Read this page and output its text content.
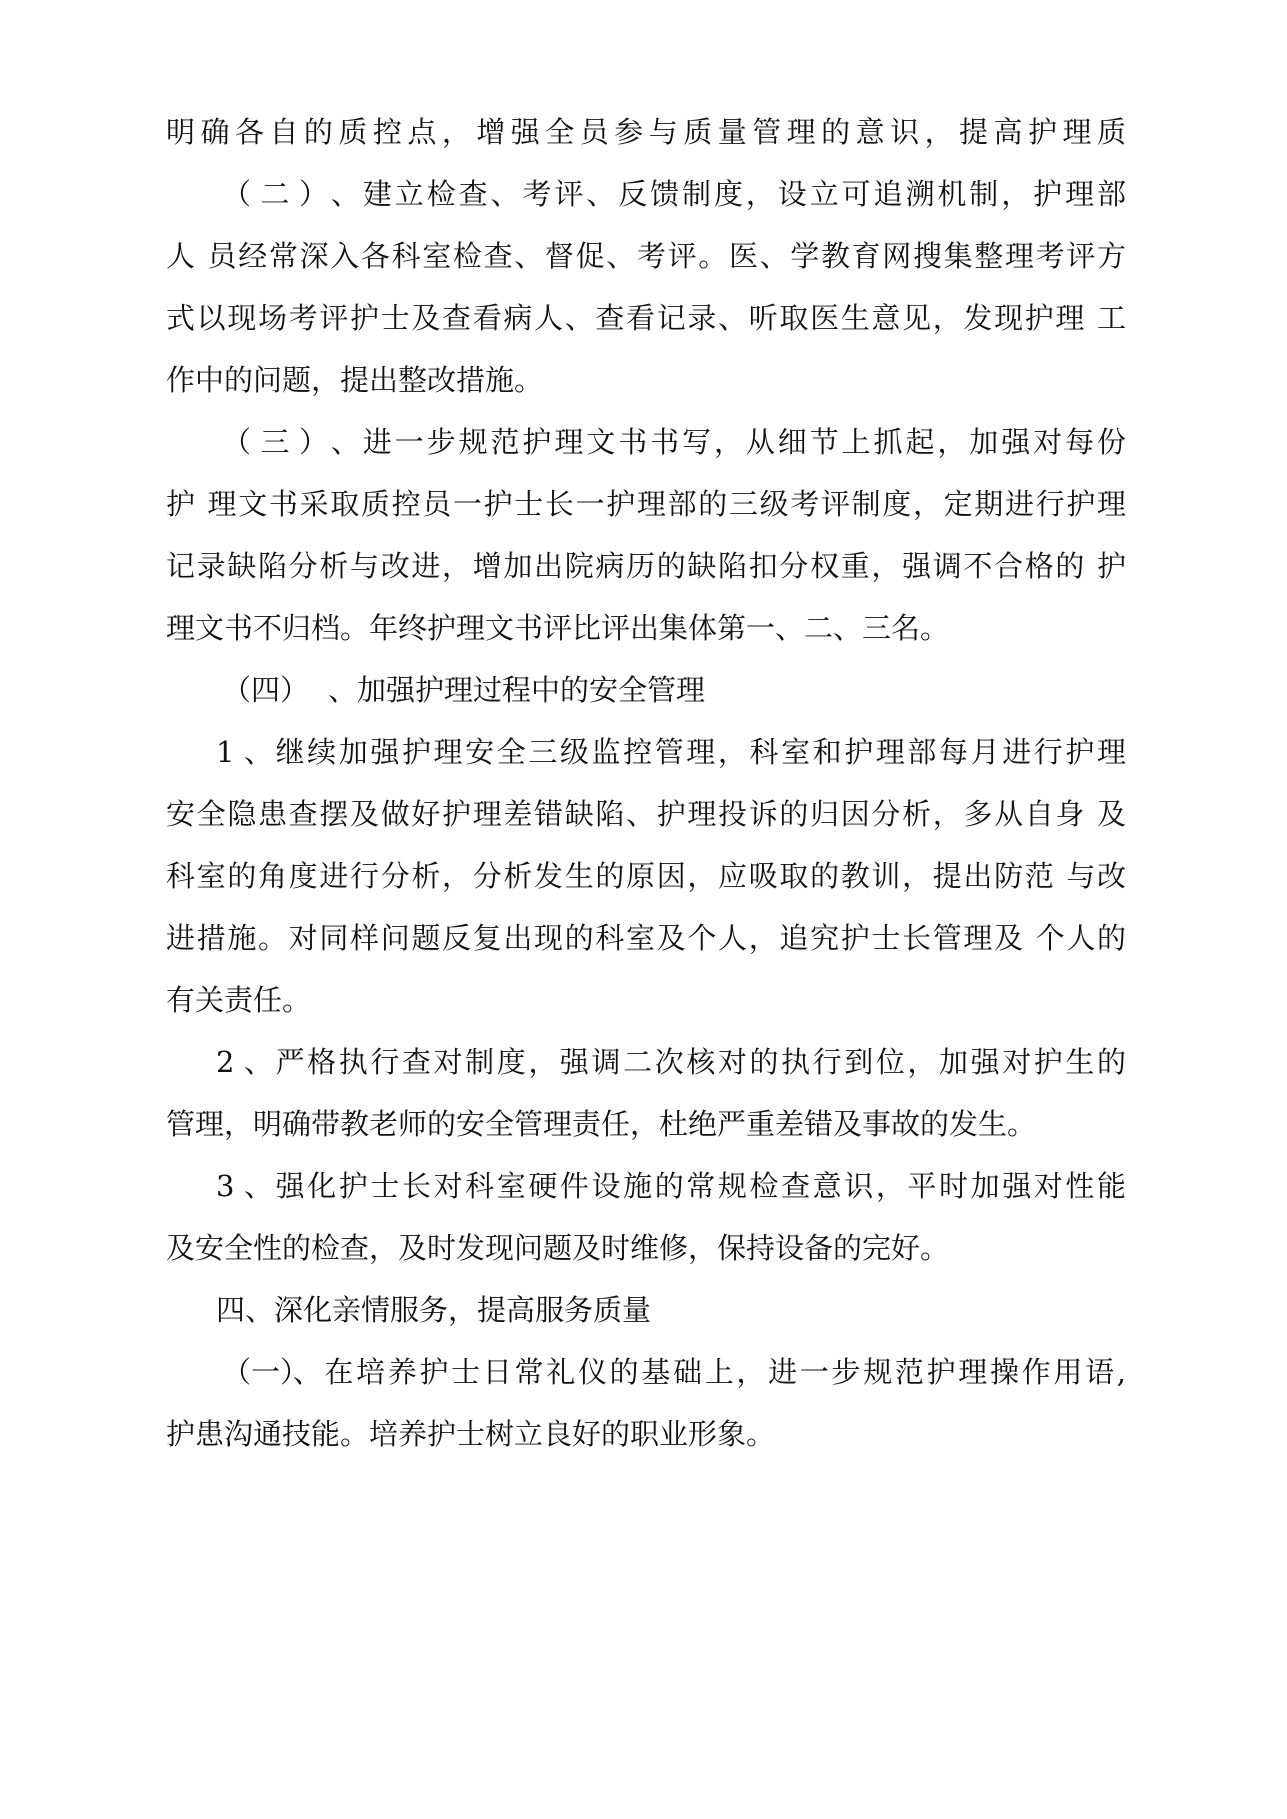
明确各自的质控点，增强全员参与质量管理的意识，提高护理质

（二）、建立检查、考评、反馈制度，设立可追溯机制，护理部

人 员经常深入各科室检查、督促、考评。医、学教育网搜集整理考评方

式以现场考评护士及查看病人、查看记录、听取医生意见，发现护理 工

作中的问题，提出整改措施。

（三）、进一步规范护理文书书写，从细节上抓起，加强对每份

护 理文书采取质控员一护士长一护理部的三级考评制度，定期进行护理

记录缺陷分析与改进，增加出院病历的缺陷扣分权重，强调不合格的 护

理文书不归档。年终护理文书评比评出集体第一、二、三名。

（四） 、加强护理过程中的安全管理

1、继续加强护理安全三级监控管理，科室和护理部每月进行护理

安全隐患查摆及做好护理差错缺陷、护理投诉的归因分析，多从自身 及

科室的角度进行分析，分析发生的原因，应吸取的教训，提出防范 与改

进措施。对同样问题反复出现的科室及个人，追究护士长管理及 个人的

有关责任。

2、严格执行查对制度，强调二次核对的执行到位，加强对护生的

管理，明确带教老师的安全管理责任，杜绝严重差错及事故的发生。

3、强化护士长对科室硬件设施的常规检查意识，平时加强对性能

及安全性的检查，及时发现问题及时维修，保持设备的完好。

四、深化亲情服务，提高服务质量

（一）、在培养护士日常礼仪的基础上，进一步规范护理操作用语,

护患沟通技能。培养护士树立良好的职业形象。
